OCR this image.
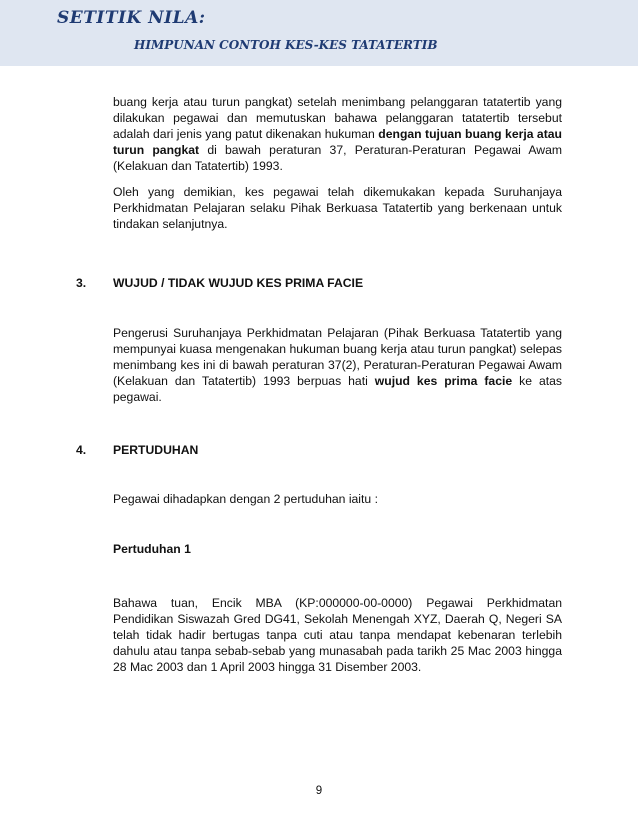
SETITIK NILA:
HIMPUNAN CONTOH KES-KES TATATERTIB

buang kerja atau turun pangkat) setelah menimbang pelanggaran tatatertib yang dilakukan pegawai dan memutuskan bahawa pelanggaran tatatertib tersebut adalah dari jenis yang patut dikenakan hukuman dengan tujuan buang kerja atau turun pangkat di bawah peraturan 37, Peraturan-Peraturan Pegawai Awam (Kelakuan dan Tatatertib) 1993.

Oleh yang demikian, kes pegawai telah dikemukakan kepada Suruhanjaya Perkhidmatan Pelajaran selaku Pihak Berkuasa Tatatertib yang berkenaan untuk tindakan selanjutnya.

3. WUJUD / TIDAK WUJUD KES PRIMA FACIE

Pengerusi Suruhanjaya Perkhidmatan Pelajaran (Pihak Berkuasa Tatatertib yang mempunyai kuasa mengenakan hukuman buang kerja atau turun pangkat) selepas menimbang kes ini di bawah peraturan 37(2), Peraturan-Peraturan Pegawai Awam (Kelakuan dan Tatatertib) 1993 berpuas hati wujud kes prima facie ke atas pegawai.

4. PERTUDUHAN

Pegawai dihadapkan dengan 2 pertuduhan iaitu :

Pertuduhan 1

Bahawa tuan, Encik MBA (KP:000000-00-0000) Pegawai Perkhidmatan Pendidikan Siswazah Gred DG41, Sekolah Menengah XYZ, Daerah Q, Negeri SA telah tidak hadir bertugas tanpa cuti atau tanpa mendapat kebenaran terlebih dahulu atau tanpa sebab-sebab yang munasabah pada tarikh 25 Mac 2003 hingga 28 Mac 2003 dan 1 April 2003 hingga 31 Disember 2003.

9
